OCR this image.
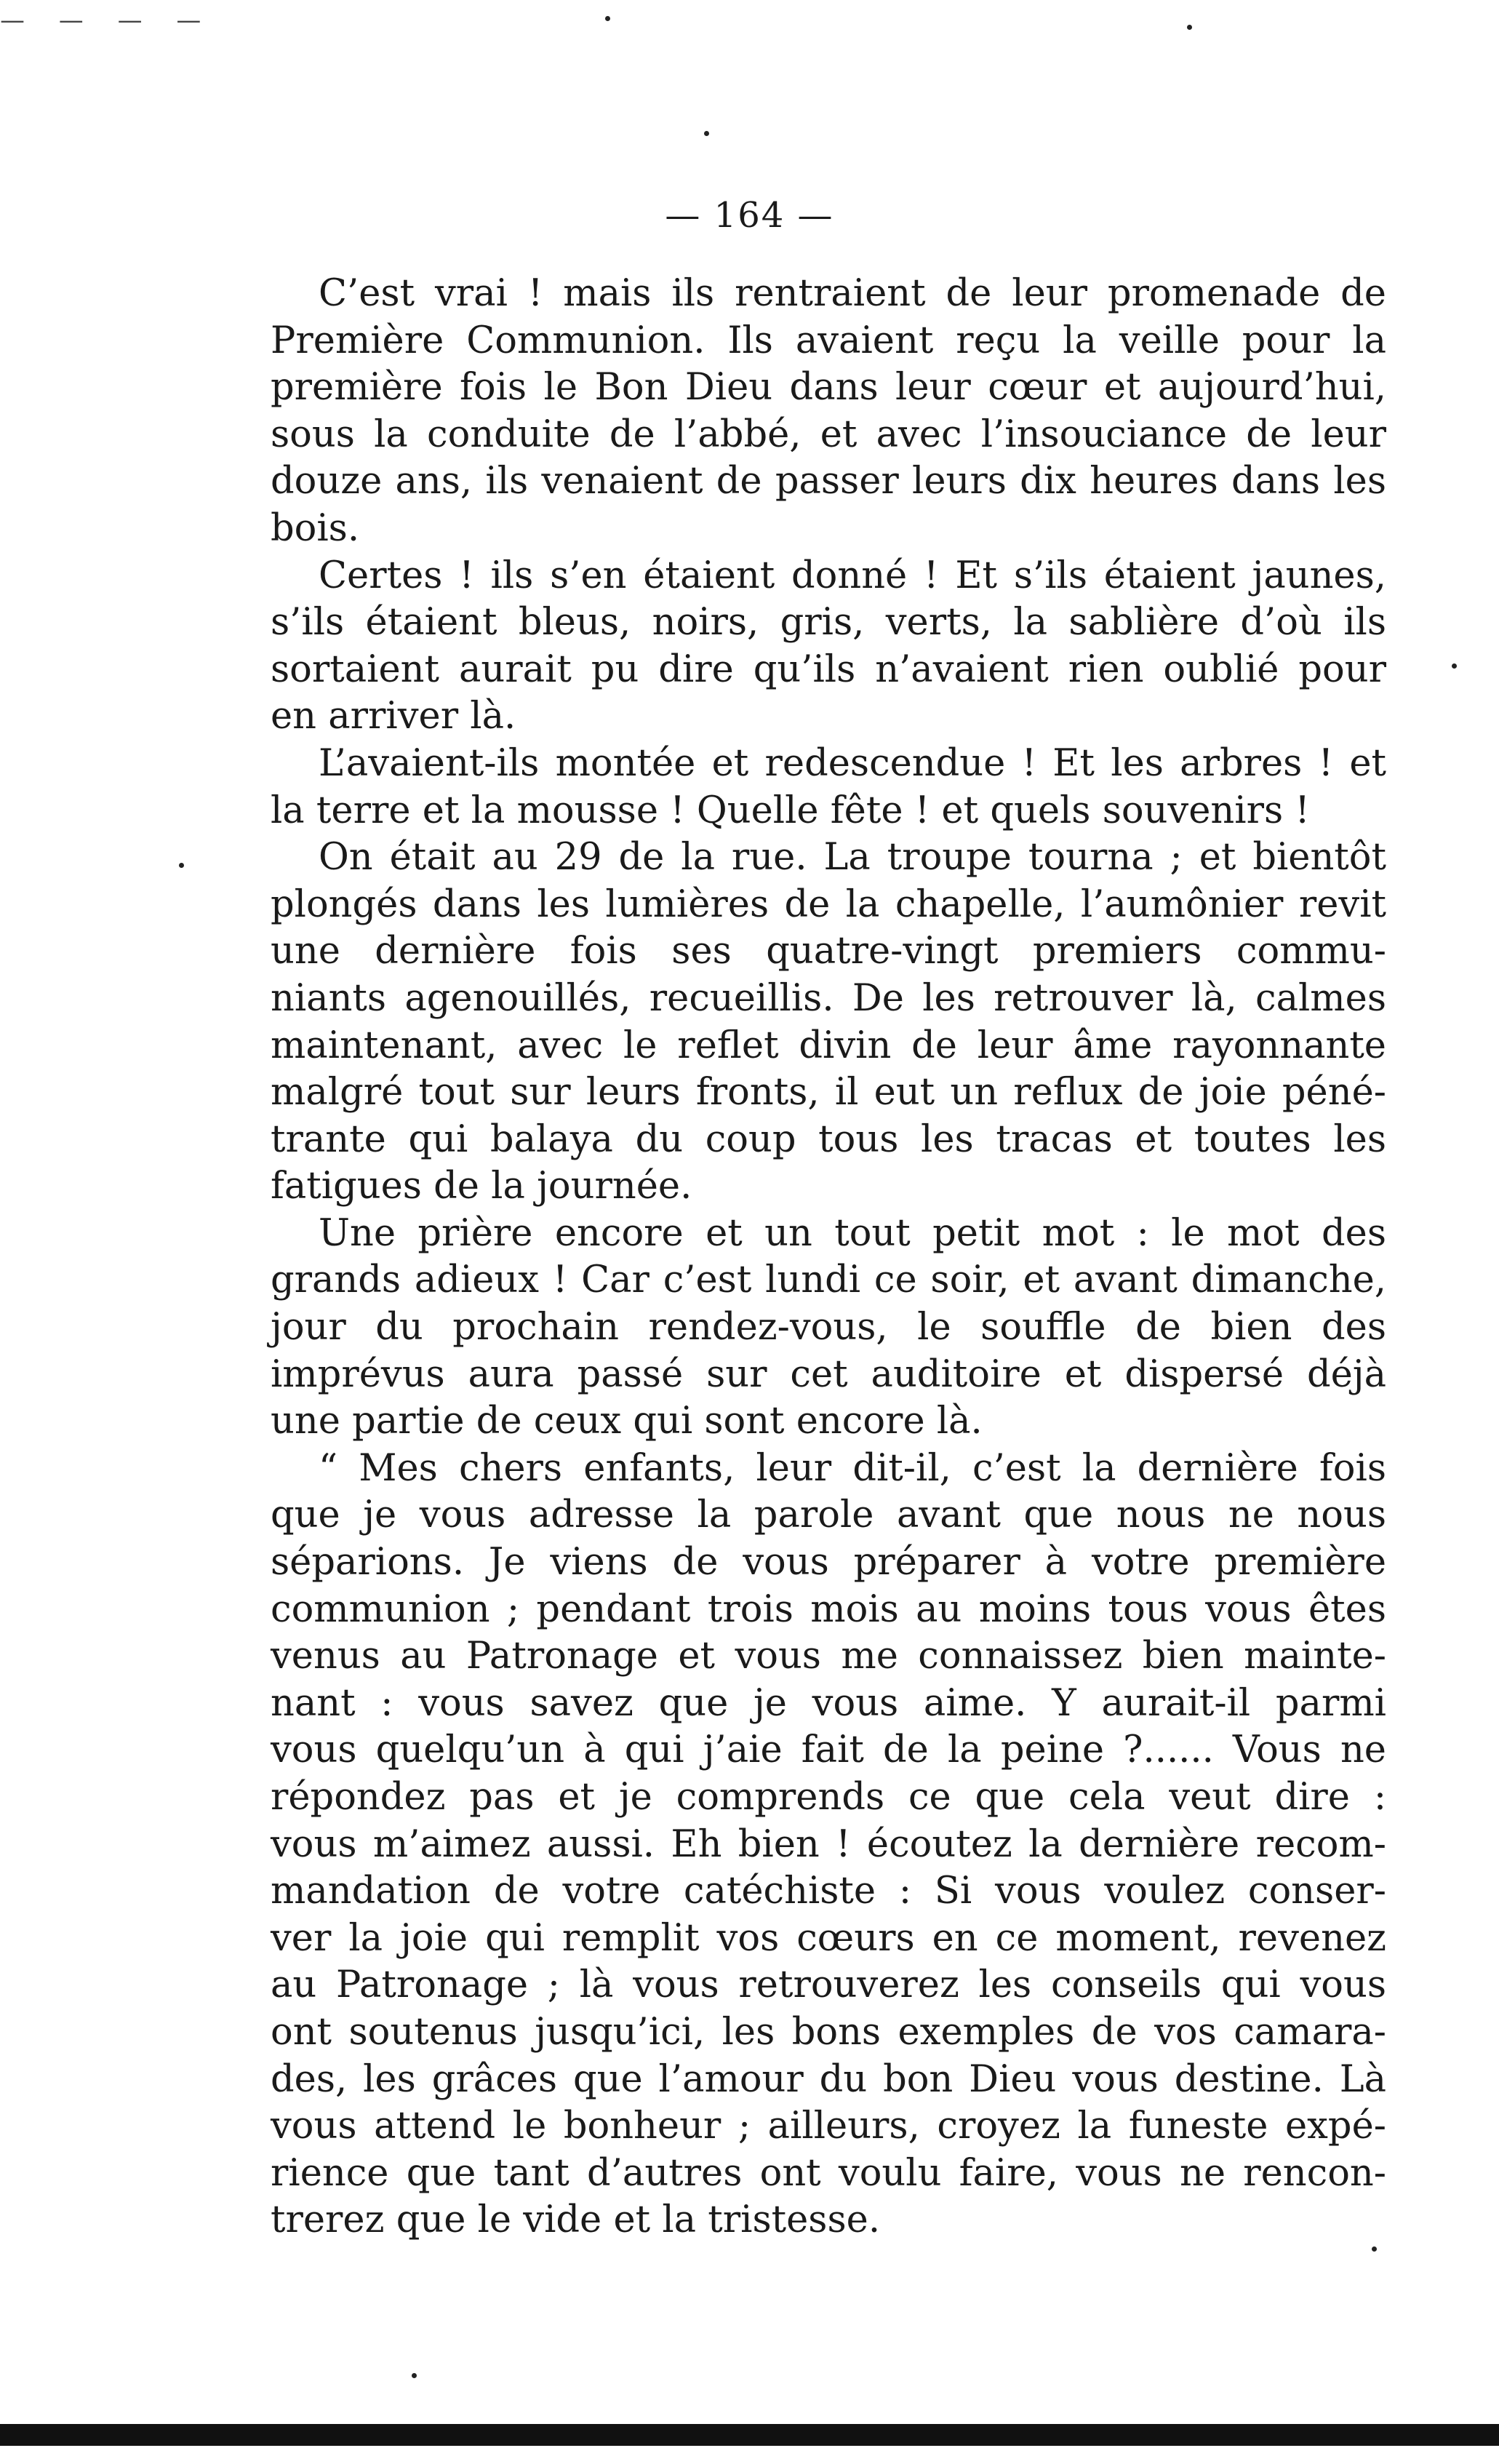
— — — —
— 164 —
C’est vrai ! mais ils rentraient de leur promenade de
Première Communion. Ils avaient reçu la veille pour la
première fois le Bon Dieu dans leur cœur et aujourd’hui,
sous la conduite de l’abbé, et avec l’insouciance de leur
douze ans, ils venaient de passer leurs dix heures dans les
bois.
Certes ! ils s’en étaient donné ! Et s’ils étaient jaunes,
s’ils étaient bleus, noirs, gris, verts, la sablière d’où ils
sortaient aurait pu dire qu’ils n’avaient rien oublié pour
en arriver là.
L’avaient-ils montée et redescendue ! Et les arbres ! et
la terre et la mousse ! Quelle fête ! et quels souvenirs !
On était au 29 de la rue. La troupe tourna ; et bientôt
plongés dans les lumières de la chapelle, l’aumônier revit
une dernière fois ses quatre-vingt premiers commu-
niants agenouillés, recueillis. De les retrouver là, calmes
maintenant, avec le reflet divin de leur âme rayonnante
malgré tout sur leurs fronts, il eut un reflux de joie péné-
trante qui balaya du coup tous les tracas et toutes les
fatigues de la journée.
Une prière encore et un tout petit mot : le mot des
grands adieux ! Car c’est lundi ce soir, et avant dimanche,
jour du prochain rendez-vous, le souffle de bien des
imprévus aura passé sur cet auditoire et dispersé déjà
une partie de ceux qui sont encore là.
“ Mes chers enfants, leur dit-il, c’est la dernière fois
que je vous adresse la parole avant que nous ne nous
séparions. Je viens de vous préparer à votre première
communion ; pendant trois mois au moins tous vous êtes
venus au Patronage et vous me connaissez bien mainte-
nant : vous savez que je vous aime. Y aurait-il parmi
vous quelqu’un à qui j’aie fait de la peine ?...... Vous ne
répondez pas et je comprends ce que cela veut dire :
vous m’aimez aussi. Eh bien ! écoutez la dernière recom-
mandation de votre catéchiste : Si vous voulez conser-
ver la joie qui remplit vos cœurs en ce moment, revenez
au Patronage ; là vous retrouverez les conseils qui vous
ont soutenus jusqu’ici, les bons exemples de vos camara-
des, les grâces que l’amour du bon Dieu vous destine. Là
vous attend le bonheur ; ailleurs, croyez la funeste expé-
rience que tant d’autres ont voulu faire, vous ne rencon-
trerez que le vide et la tristesse.
